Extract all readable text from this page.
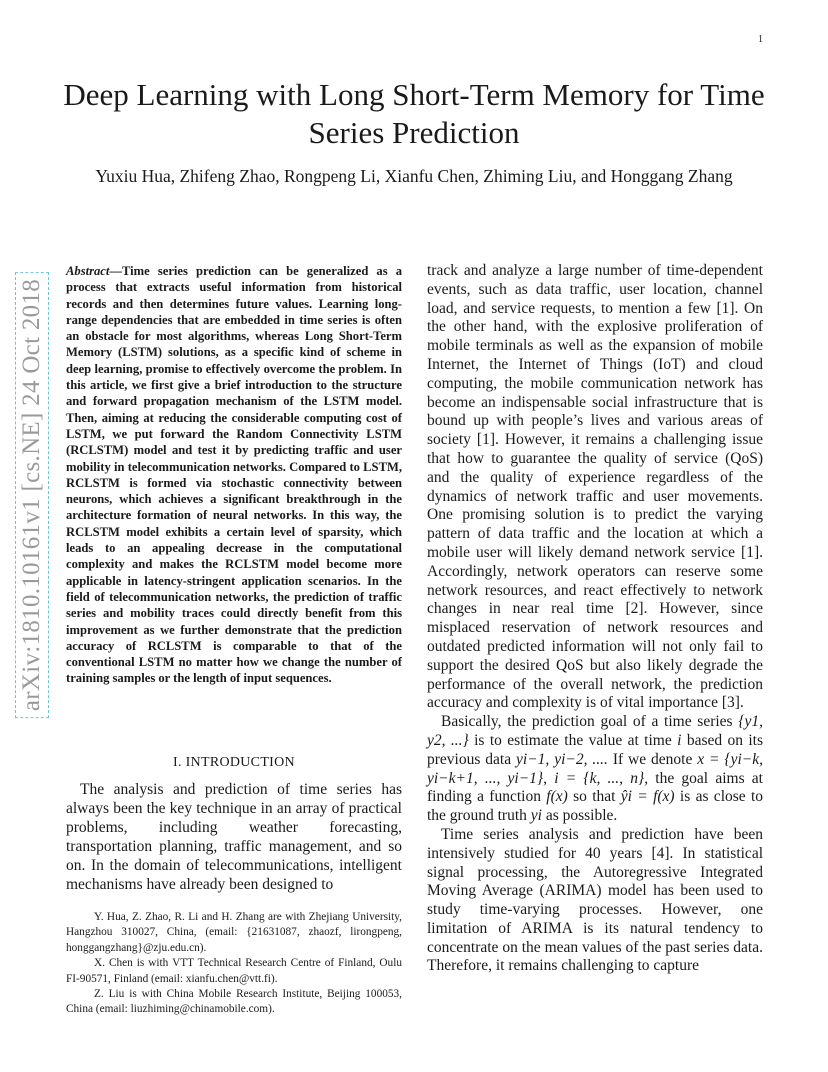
1
Deep Learning with Long Short-Term Memory for Time Series Prediction
Yuxiu Hua, Zhifeng Zhao, Rongpeng Li, Xianfu Chen, Zhiming Liu, and Honggang Zhang
arXiv:1810.10161v1 [cs.NE] 24 Oct 2018
Abstract—Time series prediction can be generalized as a process that extracts useful information from historical records and then determines future values. Learning long-range dependencies that are embedded in time series is often an obstacle for most algorithms, whereas Long Short-Term Memory (LSTM) solutions, as a specific kind of scheme in deep learning, promise to effectively overcome the problem. In this article, we first give a brief introduction to the structure and forward propagation mechanism of the LSTM model. Then, aiming at reducing the considerable computing cost of LSTM, we put forward the Random Connectivity LSTM (RCLSTM) model and test it by predicting traffic and user mobility in telecommunication networks. Compared to LSTM, RCLSTM is formed via stochastic connectivity between neurons, which achieves a significant breakthrough in the architecture formation of neural networks. In this way, the RCLSTM model exhibits a certain level of sparsity, which leads to an appealing decrease in the computational complexity and makes the RCLSTM model become more applicable in latency-stringent application scenarios. In the field of telecommunication networks, the prediction of traffic series and mobility traces could directly benefit from this improvement as we further demonstrate that the prediction accuracy of RCLSTM is comparable to that of the conventional LSTM no matter how we change the number of training samples or the length of input sequences.
I. INTRODUCTION
The analysis and prediction of time series has always been the key technique in an array of practical problems, including weather forecasting, transportation planning, traffic management, and so on. In the domain of telecommunications, intelligent mechanisms have already been designed to

Y. Hua, Z. Zhao, R. Li and H. Zhang are with Zhejiang University, Hangzhou 310027, China, (email: {21631087, zhaozf, lirongpeng, honggangzhang}@zju.edu.cn).

X. Chen is with VTT Technical Research Centre of Finland, Oulu FI-90571, Finland (email: xianfu.chen@vtt.fi).

Z. Liu is with China Mobile Research Institute, Beijing 100053, China (email: liuzhiming@chinamobile.com).

track and analyze a large number of time-dependent events, such as data traffic, user location, channel load, and service requests, to mention a few [1]. On the other hand, with the explosive proliferation of mobile terminals as well as the expansion of mobile Internet, the Internet of Things (IoT) and cloud computing, the mobile communication network has become an indispensable social infrastructure that is bound up with people’s lives and various areas of society [1]. However, it remains a challenging issue that how to guarantee the quality of service (QoS) and the quality of experience regardless of the dynamics of network traffic and user movements. One promising solution is to predict the varying pattern of data traffic and the location at which a mobile user will likely demand network service [1]. Accordingly, network operators can reserve some network resources, and react effectively to network changes in near real time [2]. However, since misplaced reservation of network resources and outdated predicted information will not only fail to support the desired QoS but also likely degrade the performance of the overall network, the prediction accuracy and complexity is of vital importance [3].

Basically, the prediction goal of a time series {y1, y2, ...} is to estimate the value at time i based on its previous data yi−1, yi−2, .... If we denote x = {yi−k, yi−k+1, ..., yi−1}, i = {k, ..., n}, the goal aims at finding a function f(x) so that ŷi = f(x) is as close to the ground truth yi as possible.

Time series analysis and prediction have been intensively studied for 40 years [4]. In statistical signal processing, the Autoregressive Integrated Moving Average (ARIMA) model has been used to study time-varying processes. However, one limitation of ARIMA is its natural tendency to concentrate on the mean values of the past series data. Therefore, it remains challenging to capture
